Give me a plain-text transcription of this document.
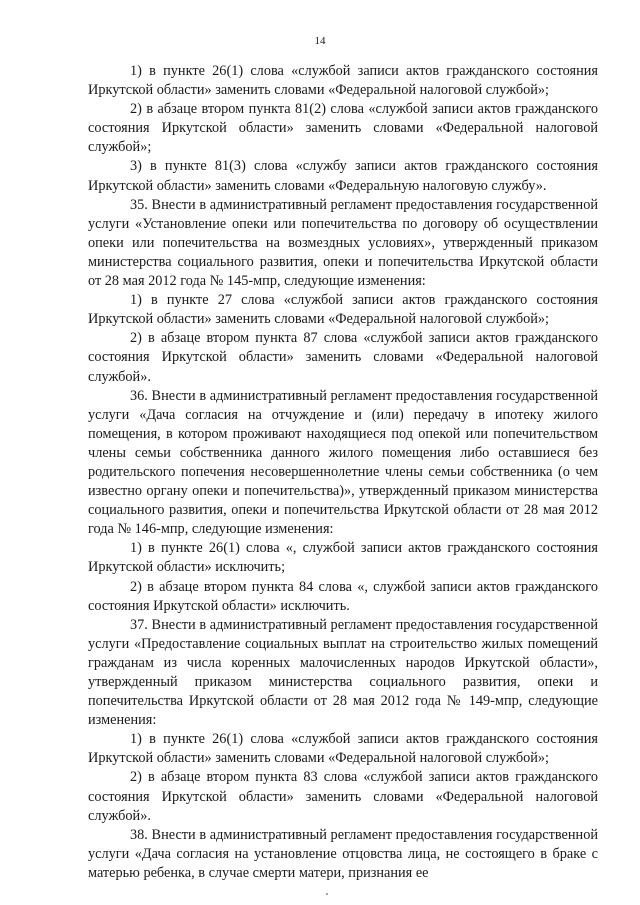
14

1) в пункте 26(1) слова «службой записи актов гражданского состояния Иркутской области» заменить словами «Федеральной налоговой службой»;

2) в абзаце втором пункта 81(2) слова «службой записи актов гражданского состояния Иркутской области» заменить словами «Федеральной налоговой службой»;

3) в пункте 81(3) слова «службу записи актов гражданского состояния Иркутской области» заменить словами «Федеральную налоговую службу».

35. Внести в административный регламент предоставления государственной услуги «Установление опеки или попечительства по договору об осуществлении опеки или попечительства на возмездных условиях», утвержденный приказом министерства социального развития, опеки и попечительства Иркутской области от 28 мая 2012 года № 145-мпр, следующие изменения:

1) в пункте 27 слова «службой записи актов гражданского состояния Иркутской области» заменить словами «Федеральной налоговой службой»;

2) в абзаце втором пункта 87 слова «службой записи актов гражданского состояния Иркутской области» заменить словами «Федеральной налоговой службой».

36. Внести в административный регламент предоставления государственной услуги «Дача согласия на отчуждение и (или) передачу в ипотеку жилого помещения, в котором проживают находящиеся под опекой или попечительством члены семьи собственника данного жилого помещения либо оставшиеся без родительского попечения несовершеннолетние члены семьи собственника (о чем известно органу опеки и попечительства)», утвержденный приказом министерства социального развития, опеки и попечительства Иркутской области от 28 мая 2012 года № 146-мпр, следующие изменения:

1) в пункте 26(1) слова «, службой записи актов гражданского состояния Иркутской области» исключить;

2) в абзаце втором пункта 84 слова «, службой записи актов гражданского состояния Иркутской области» исключить.

37. Внести в административный регламент предоставления государственной услуги «Предоставление социальных выплат на строительство жилых помещений гражданам из числа коренных малочисленных народов Иркутской области», утвержденный приказом министерства социального развития, опеки и попечительства Иркутской области от 28 мая 2012 года № 149-мпр, следующие изменения:

1) в пункте 26(1) слова «службой записи актов гражданского состояния Иркутской области» заменить словами «Федеральной налоговой службой»;

2) в абзаце втором пункта 83 слова «службой записи актов гражданского состояния Иркутской области» заменить словами «Федеральной налоговой службой».

38. Внести в административный регламент предоставления государственной услуги «Дача согласия на установление отцовства лица, не состоящего в браке с матерью ребенка, в случае смерти матери, признания ее
